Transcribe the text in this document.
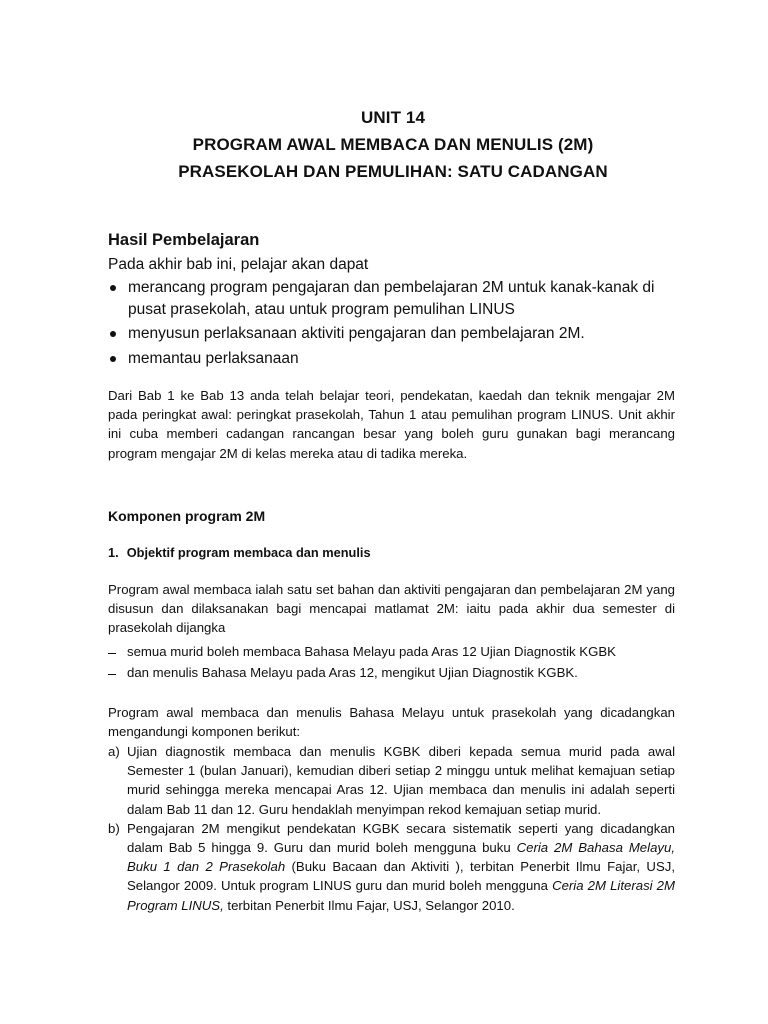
UNIT 14
PROGRAM AWAL MEMBACA DAN MENULIS (2M)
PRASEKOLAH DAN PEMULIHAN: SATU CADANGAN
Hasil Pembelajaran
Pada akhir bab ini, pelajar akan dapat
merancang program pengajaran dan pembelajaran 2M untuk kanak-kanak di pusat prasekolah, atau untuk program pemulihan LINUS
menyusun perlaksanaan aktiviti pengajaran dan pembelajaran 2M.
memantau perlaksanaan

Dari Bab 1 ke Bab 13 anda telah belajar teori, pendekatan, kaedah dan teknik mengajar 2M pada peringkat awal: peringkat prasekolah, Tahun 1 atau pemulihan program LINUS. Unit akhir ini cuba memberi cadangan rancangan besar yang boleh guru gunakan bagi merancang program mengajar 2M di kelas mereka atau di tadika mereka.

Komponen program 2M
1. Objektif program membaca dan menulis

Program awal membaca ialah satu set bahan dan aktiviti pengajaran dan pembelajaran 2M yang disusun dan dilaksanakan bagi mencapai matlamat 2M: iaitu pada akhir dua semester di prasekolah dijangka

semua murid boleh membaca Bahasa Melayu pada Aras 12 Ujian Diagnostik KGBK
dan menulis Bahasa Melayu pada Aras 12, mengikut Ujian Diagnostik KGBK.

Program awal membaca dan menulis Bahasa Melayu untuk prasekolah yang dicadangkan mengandungi komponen berikut:

a) Ujian diagnostik membaca dan menulis KGBK diberi kepada semua murid pada awal Semester 1 (bulan Januari), kemudian diberi setiap 2 minggu untuk melihat kemajuan setiap murid sehingga mereka mencapai Aras 12. Ujian membaca dan menulis ini adalah seperti dalam Bab 11 dan 12. Guru hendaklah menyimpan rekod kemajuan setiap murid.
b) Pengajaran 2M mengikut pendekatan KGBK secara sistematik seperti yang dicadangkan dalam Bab 5 hingga 9. Guru dan murid boleh mengguna buku Ceria 2M Bahasa Melayu, Buku 1 dan 2 Prasekolah (Buku Bacaan dan Aktiviti ), terbitan Penerbit Ilmu Fajar, USJ, Selangor 2009. Untuk program LINUS guru dan murid boleh mengguna Ceria 2M Literasi 2M Program LINUS, terbitan Penerbit Ilmu Fajar, USJ, Selangor 2010.
